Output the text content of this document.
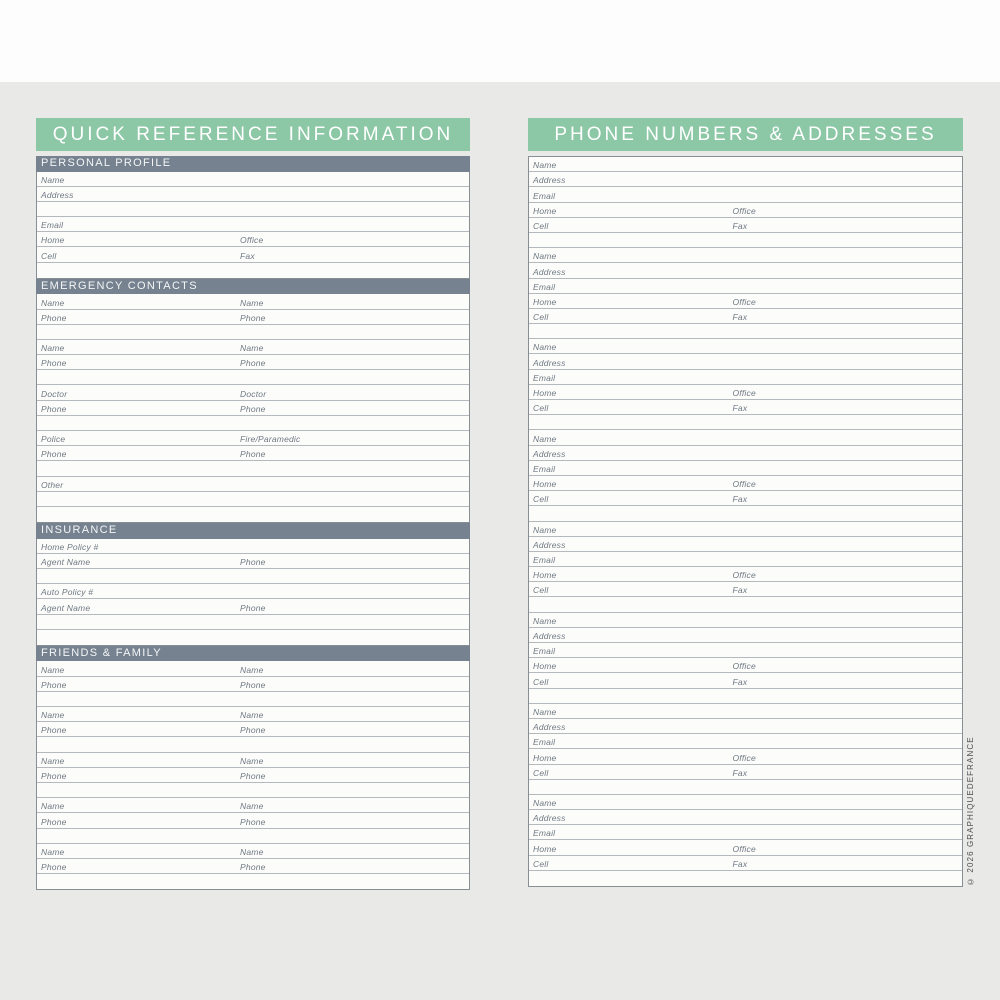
QUICK REFERENCE INFORMATION
PERSONAL PROFILE
Name
Address
Email
Home	Office
Cell	Fax
EMERGENCY CONTACTS
Name	Name
Phone	Phone
Name	Name
Phone	Phone
Doctor	Doctor
Phone	Phone
Police	Fire/Paramedic
Phone	Phone
Other
INSURANCE
Home Policy #
Agent Name	Phone
Auto Policy #
Agent Name	Phone
FRIENDS & FAMILY
Name	Name
Phone	Phone
Name	Name
Phone	Phone
Name	Name
Phone	Phone
Name	Name
Phone	Phone
Name	Name
Phone	Phone
PHONE NUMBERS & ADDRESSES
Name
Address
Email
Home	Office
Cell	Fax
Name
Address
Email
Home	Office
Cell	Fax
Name
Address
Email
Home	Office
Cell	Fax
Name
Address
Email
Home	Office
Cell	Fax
Name
Address
Email
Home	Office
Cell	Fax
Name
Address
Email
Home	Office
Cell	Fax
Name
Address
Email
Home	Office
Cell	Fax
Name
Address
Email
Home	Office
Cell	Fax	© 2026 GRAPHIQUEDEFRANCE
